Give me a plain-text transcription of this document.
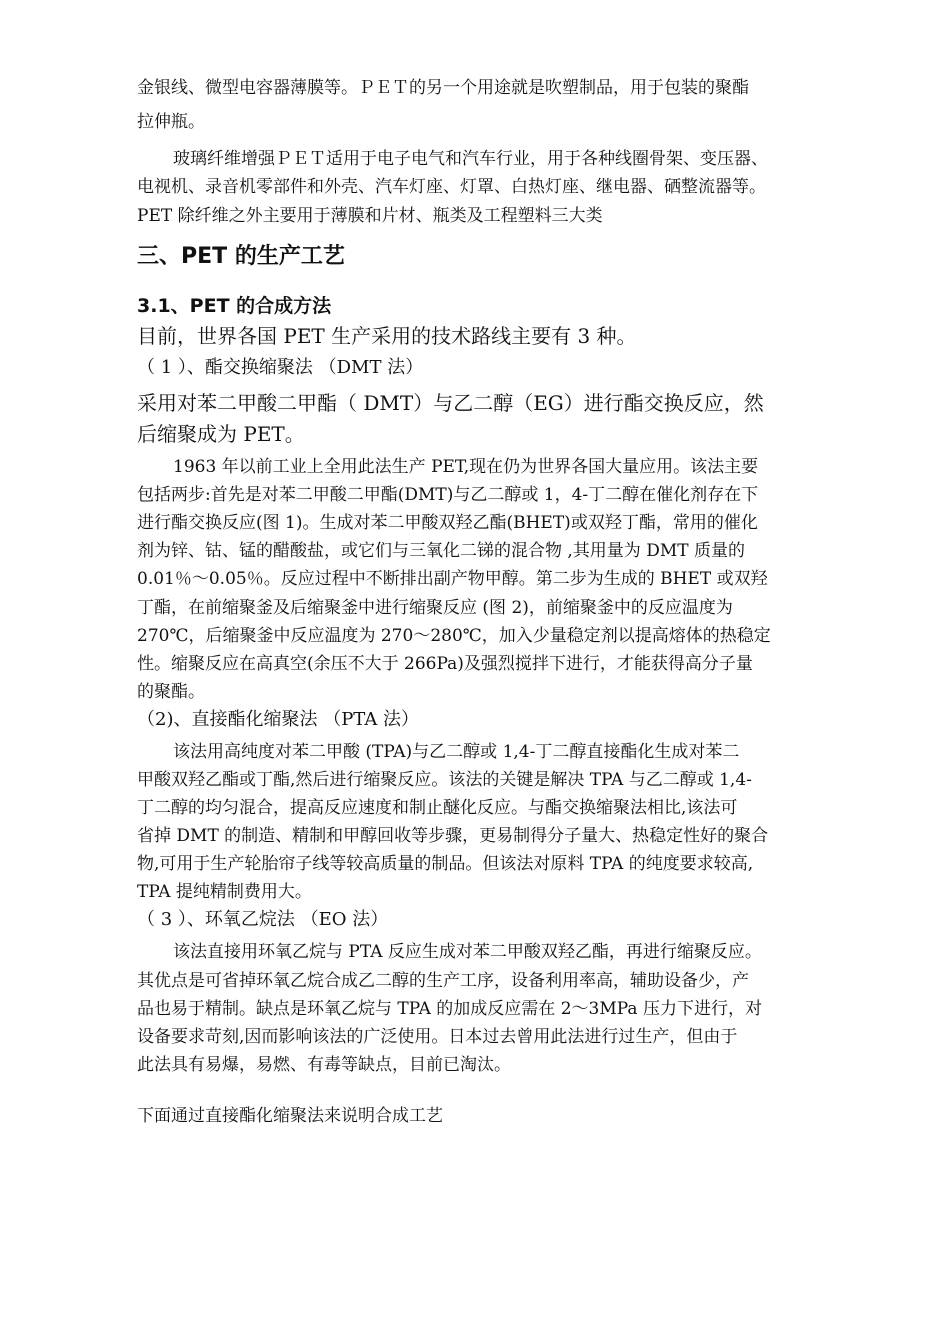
金银线、微型电容器薄膜等。ＰＥＴ的另一个用途就是吹塑制品，用于包装的聚酯
拉伸瓶。
玻璃纤维增强ＰＥＴ适用于电子电气和汽车行业，用于各种线圈骨架、变压器、
电视机、录音机零部件和外壳、汽车灯座、灯罩、白热灯座、继电器、硒整流器等。
PET 除纤维之外主要用于薄膜和片材、瓶类及工程塑料三大类
三、PET 的生产工艺
3.1、PET 的合成方法
目前，世界各国 PET 生产采用的技术路线主要有 3 种。
（ 1 ）、酯交换缩聚法 （DMT 法）
采用对苯二甲酸二甲酯（ DMT）与乙二醇（EG）进行酯交换反应，然
后缩聚成为 PET。
1963 年以前工业上全用此法生产 PET,现在仍为世界各国大量应用。该法主要
包括两步:首先是对苯二甲酸二甲酯(DMT)与乙二醇或 1，4-丁二醇在催化剂存在下
进行酯交换反应(图 1)。生成对苯二甲酸双羟乙酯(BHET)或双羟丁酯，常用的催化
剂为锌、钴、锰的醋酸盐，或它们与三氧化二锑的混合物 ,其用量为 DMT 质量的
0.01％～0.05％。反应过程中不断排出副产物甲醇。第二步为生成的 BHET 或双羟
丁酯，在前缩聚釜及后缩聚釜中进行缩聚反应 (图 2)，前缩聚釜中的反应温度为
270℃，后缩聚釜中反应温度为 270～280℃，加入少量稳定剂以提高熔体的热稳定
性。缩聚反应在高真空(余压不大于 266Pa)及强烈搅拌下进行，才能获得高分子量
的聚酯。
（2)、直接酯化缩聚法 （PTA 法）
该法用高纯度对苯二甲酸 (TPA)与乙二醇或 1,4-丁二醇直接酯化生成对苯二
甲酸双羟乙酯或丁酯,然后进行缩聚反应。该法的关键是解决 TPA 与乙二醇或 1,4-
丁二醇的均匀混合，提高反应速度和制止醚化反应。与酯交换缩聚法相比,该法可
省掉 DMT 的制造、精制和甲醇回收等步骤，更易制得分子量大、热稳定性好的聚合
物,可用于生产轮胎帘子线等较高质量的制品。但该法对原料 TPA 的纯度要求较高,
TPA 提纯精制费用大。
（ 3 ）、环氧乙烷法 （EO 法）
该法直接用环氧乙烷与 PTA 反应生成对苯二甲酸双羟乙酯，再进行缩聚反应。
其优点是可省掉环氧乙烷合成乙二醇的生产工序，设备利用率高，辅助设备少，产
品也易于精制。缺点是环氧乙烷与 TPA 的加成反应需在 2～3MPa 压力下进行，对
设备要求苛刻,因而影响该法的广泛使用。日本过去曾用此法进行过生产，但由于
此法具有易爆，易燃、有毒等缺点，目前已淘汰。
下面通过直接酯化缩聚法来说明合成工艺
